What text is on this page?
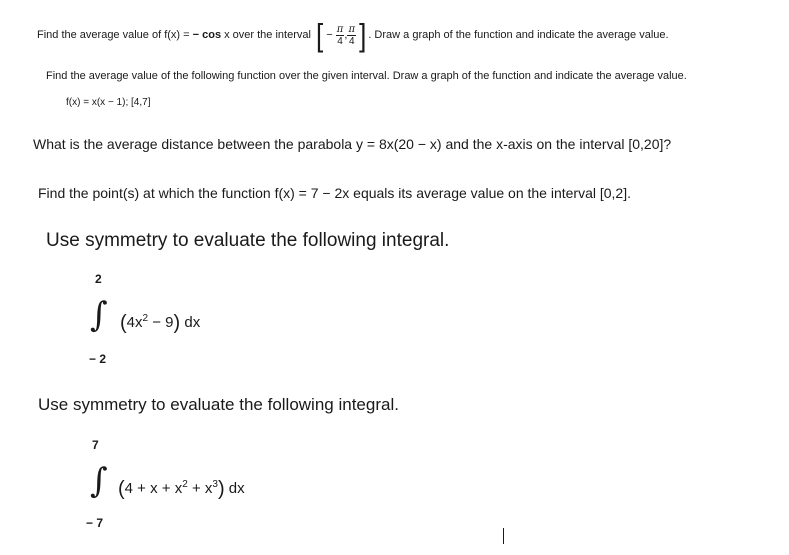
Find the average value of f(x) = − cos x over the interval [ − $\frac{\pi}{4}$ , $\frac{\pi}{4}$ ] . Draw a graph of the function and indicate the average value.
Find the average value of the following function over the given interval. Draw a graph of the function and indicate the average value.
f(x) = x(x − 1); [4,7]
What is the average distance between the parabola y = 8x(20 − x) and the x-axis on the interval [0,20]?
Find the point(s) at which the function f(x) = 7 − 2x equals its average value on the interval [0,2].
Use symmetry to evaluate the following integral.
2
∫ $(4x^2 - 9)$ dx
− 2
Use symmetry to evaluate the following integral.
7
∫ $(4 + x + x^2 + x^3)$ dx
− 7
